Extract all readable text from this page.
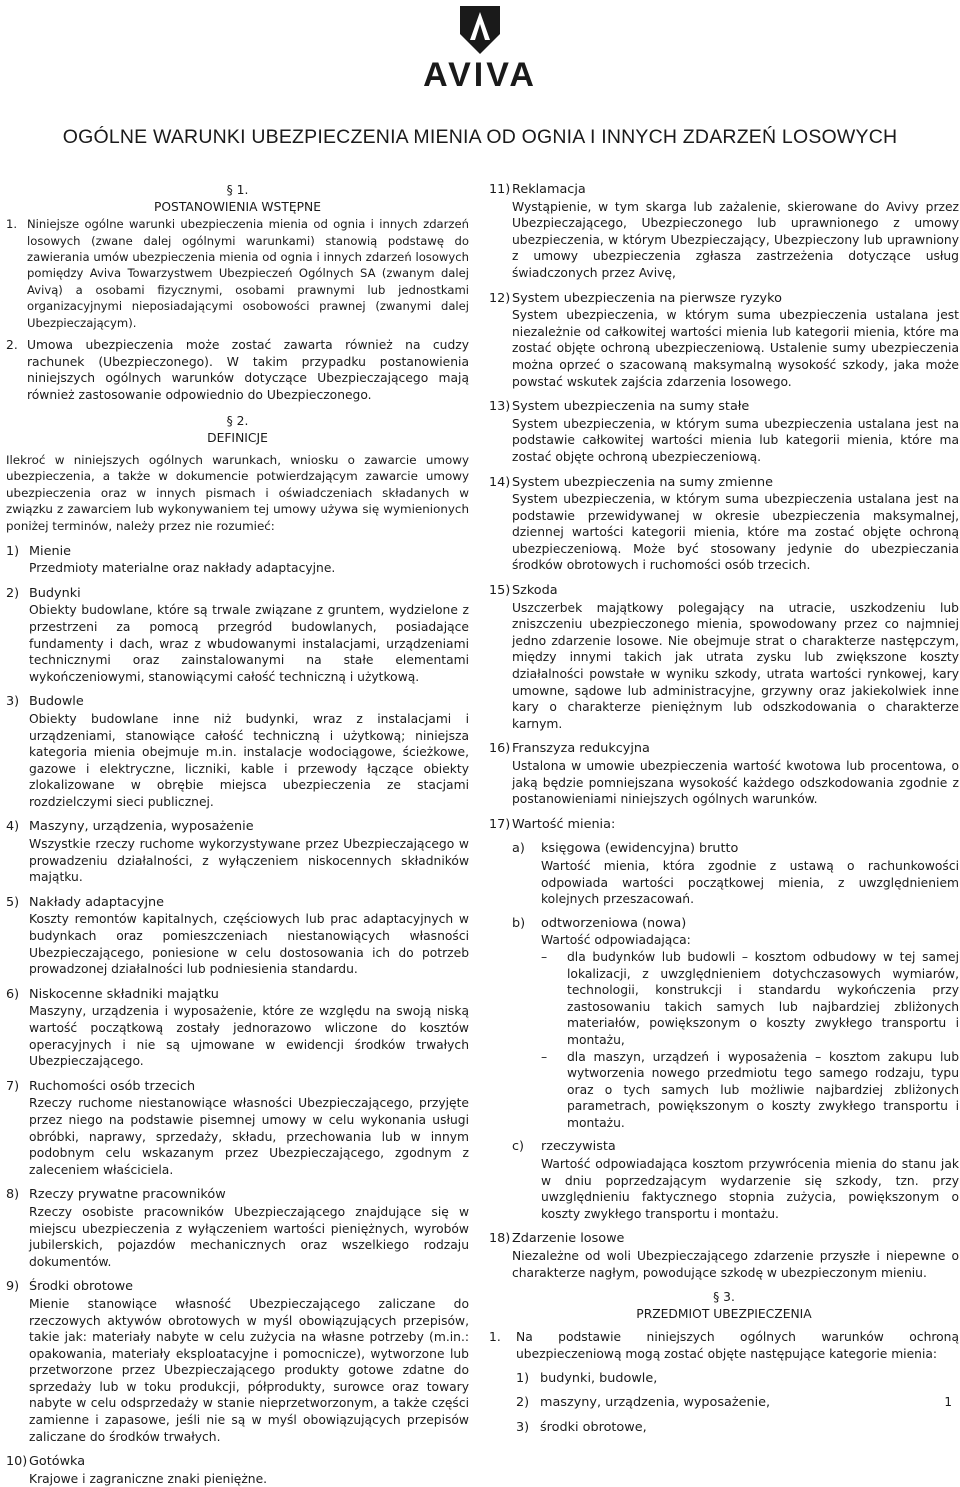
AVIVA
OGÓLNE WARUNKI UBEZPIECZENIA MIENIA OD OGNIA I INNYCH ZDARZEŃ LOSOWYCH
§ 1.
POSTANOWIENIA WSTĘPNE
1. Niniejsze ogólne warunki ubezpieczenia mienia od ognia i innych zdarzeń losowych (zwane dalej ogólnymi warunkami) stanowią podstawę do zawierania umów ubezpieczenia mienia od ognia i innych zdarzeń losowych pomiędzy Aviva Towarzystwem Ubezpieczeń Ogólnych SA (zwanym dalej Avivą) a osobami fizycznymi, osobami prawnymi lub jednostkami organizacyjnymi nieposiadającymi osobowości prawnej (zwanymi dalej Ubezpieczającym).
2. Umowa ubezpieczenia może zostać zawarta również na cudzy rachunek (Ubezpieczonego). W takim przypadku postanowienia niniejszych ogólnych warunków dotyczące Ubezpieczającego mają również zastosowanie odpowiednio do Ubezpieczonego.
§ 2.
DEFINICJE
Ilekroć w niniejszych ogólnych warunkach, wniosku o zawarcie umowy ubezpieczenia, a także w dokumencie potwierdzającym zawarcie umowy ubezpieczenia oraz w innych pismach i oświadczeniach składanych w związku z zawarciem lub wykonywaniem tej umowy używa się wymienionych poniżej terminów, należy przez nie rozumieć:
1) Mienie
Przedmioty materialne oraz nakłady adaptacyjne.
2) Budynki
Obiekty budowlane, które są trwale związane z gruntem, wydzielone z przestrzeni za pomocą przegród budowlanych, posiadające fundamenty i dach, wraz z wbudowanymi instalacjami, urządzeniami technicznymi oraz zainstalowanymi na stałe elementami wykończeniowymi, stanowiącymi całość techniczną i użytkową.
3) Budowle
Obiekty budowlane inne niż budynki, wraz z instalacjami i urządzeniami, stanowiące całość techniczną i użytkową; niniejsza kategoria mienia obejmuje m.in. instalacje wodociągowe, ścieżkowe, gazowe i elektryczne, liczniki, kable i przewody łączące obiekty zlokalizowane w obrębie miejsca ubezpieczenia ze stacjami rozdzielczymi sieci publicznej.
4) Maszyny, urządzenia, wyposażenie
Wszystkie rzeczy ruchome wykorzystywane przez Ubezpieczającego w prowadzeniu działalności, z wyłączeniem niskocennych składników majątku.
5) Nakłady adaptacyjne
Koszty remontów kapitalnych, częściowych lub prac adaptacyjnych w budynkach oraz pomieszczeniach niestanowiących własności Ubezpieczającego, poniesione w celu dostosowania ich do potrzeb prowadzonej działalności lub podniesienia standardu.
6) Niskocenne składniki majątku
Maszyny, urządzenia i wyposażenie, które ze względu na swoją niską wartość początkową zostały jednorazowo wliczone do kosztów operacyjnych i nie są ujmowane w ewidencji środków trwałych Ubezpieczającego.
7) Ruchomości osób trzecich
Rzeczy ruchome niestanowiące własności Ubezpieczającego, przyjęte przez niego na podstawie pisemnej umowy w celu wykonania usługi obróbki, naprawy, sprzedaży, składu, przechowania lub w innym podobnym celu wskazanym przez Ubezpieczającego, zgodnym z zaleceniem właściciela.
8) Rzeczy prywatne pracowników
Rzeczy osobiste pracowników Ubezpieczającego znajdujące się w miejscu ubezpieczenia z wyłączeniem wartości pieniężnych, wyrobów jubilerskich, pojazdów mechanicznych oraz wszelkiego rodzaju dokumentów.
9) Środki obrotowe
Mienie stanowiące własność Ubezpieczającego zaliczane do rzeczowych aktywów obrotowych w myśl obowiązujących przepisów, takie jak: materiały nabyte w celu zużycia na własne potrzeby (m.in.: opakowania, materiały eksploatacyjne i pomocnicze), wytworzone lub przetworzone przez Ubezpieczającego produkty gotowe zdatne do sprzedaży lub w toku produkcji, półprodukty, surowce oraz towary nabyte w celu odsprzedaży w stanie nieprzetworzonym, a także części zamienne i zapasowe, jeśli nie są w myśl obowiązujących przepisów zaliczane do środków trwałych.
10) Gotówka
Krajowe i zagraniczne znaki pieniężne.
11) Reklamacja
Wystąpienie, w tym skarga lub zażalenie, skierowane do Avivy przez Ubezpieczającego, Ubezpieczonego lub uprawnionego z umowy ubezpieczenia, w którym Ubezpieczający, Ubezpieczony lub uprawniony z umowy ubezpieczenia zgłasza zastrzeżenia dotyczące usług świadczonych przez Avivę,
12) System ubezpieczenia na pierwsze ryzyko
System ubezpieczenia, w którym suma ubezpieczenia ustalana jest niezależnie od całkowitej wartości mienia lub kategorii mienia, które ma zostać objęte ochroną ubezpieczeniową. Ustalenie sumy ubezpieczenia można oprzeć o szacowaną maksymalną wysokość szkody, jaka może powstać wskutek zajścia zdarzenia losowego.
13) System ubezpieczenia na sumy stałe
System ubezpieczenia, w którym suma ubezpieczenia ustalana jest na podstawie całkowitej wartości mienia lub kategorii mienia, które ma zostać objęte ochroną ubezpieczeniową.
14) System ubezpieczenia na sumy zmienne
System ubezpieczenia, w którym suma ubezpieczenia ustalana jest na podstawie przewidywanej w okresie ubezpieczenia maksymalnej, dziennej wartości kategorii mienia, które ma zostać objęte ochroną ubezpieczeniową. Może być stosowany jedynie do ubezpieczania środków obrotowych i ruchomości osób trzecich.
15) Szkoda
Uszczerbek majątkowy polegający na utracie, uszkodzeniu lub zniszczeniu ubezpieczonego mienia, spowodowany przez co najmniej jedno zdarzenie losowe. Nie obejmuje strat o charakterze następczym, między innymi takich jak utrata zysku lub zwiększone koszty działalności powstałe w wyniku szkody, utrata wartości rynkowej, kary umowne, sądowe lub administracyjne, grzywny oraz jakiekolwiek inne kary o charakterze pieniężnym lub odszkodowania o charakterze karnym.
16) Franszyza redukcyjna
Ustalona w umowie ubezpieczenia wartość kwotowa lub procentowa, o jaką będzie pomniejszana wysokość każdego odszkodowania zgodnie z postanowieniami niniejszych ogólnych warunków.
17) Wartość mienia:
a)	księgowa (ewidencyjna) brutto
Wartość mienia, która zgodnie z ustawą o rachunkowości odpowiada wartości początkowej mienia, z uwzględnieniem kolejnych przeszacowań.
b)	odtworzeniowa (nowa)
Wartość odpowiadająca:
–	dla budynków lub budowli – kosztom odbudowy w tej samej lokalizacji, z uwzględnieniem dotychczasowych wymiarów, technologii, konstrukcji i standardu wykończenia przy zastosowaniu takich samych lub najbardziej zbliżonych materiałów, powiększonym o koszty zwykłego transportu i montażu,
–	dla maszyn, urządzeń i wyposażenia – kosztom zakupu lub wytworzenia nowego przedmiotu tego samego rodzaju, typu oraz o tych samych lub możliwie najbardziej zbliżonych parametrach, powiększonym o koszty zwykłego transportu i montażu.
c)	rzeczywista
Wartość odpowiadająca kosztom przywrócenia mienia do stanu jak w dniu poprzedzającym wydarzenie się szkody, tzn. przy uwzględnieniu faktycznego stopnia zużycia, powiększonym o koszty zwykłego transportu i montażu.
18) Zdarzenie losowe
Niezależne od woli Ubezpieczającego zdarzenie przyszłe i niepewne o charakterze nagłym, powodujące szkodę w ubezpieczonym mieniu.
§ 3.
PRZEDMIOT UBEZPIECZENIA
1.	Na podstawie niniejszych ogólnych warunków ochroną ubezpieczeniową mogą zostać objęte następujące kategorie mienia:
1) budynki, budowle,
2) maszyny, urządzenia, wyposażenie,
3) środki obrotowe,
1
